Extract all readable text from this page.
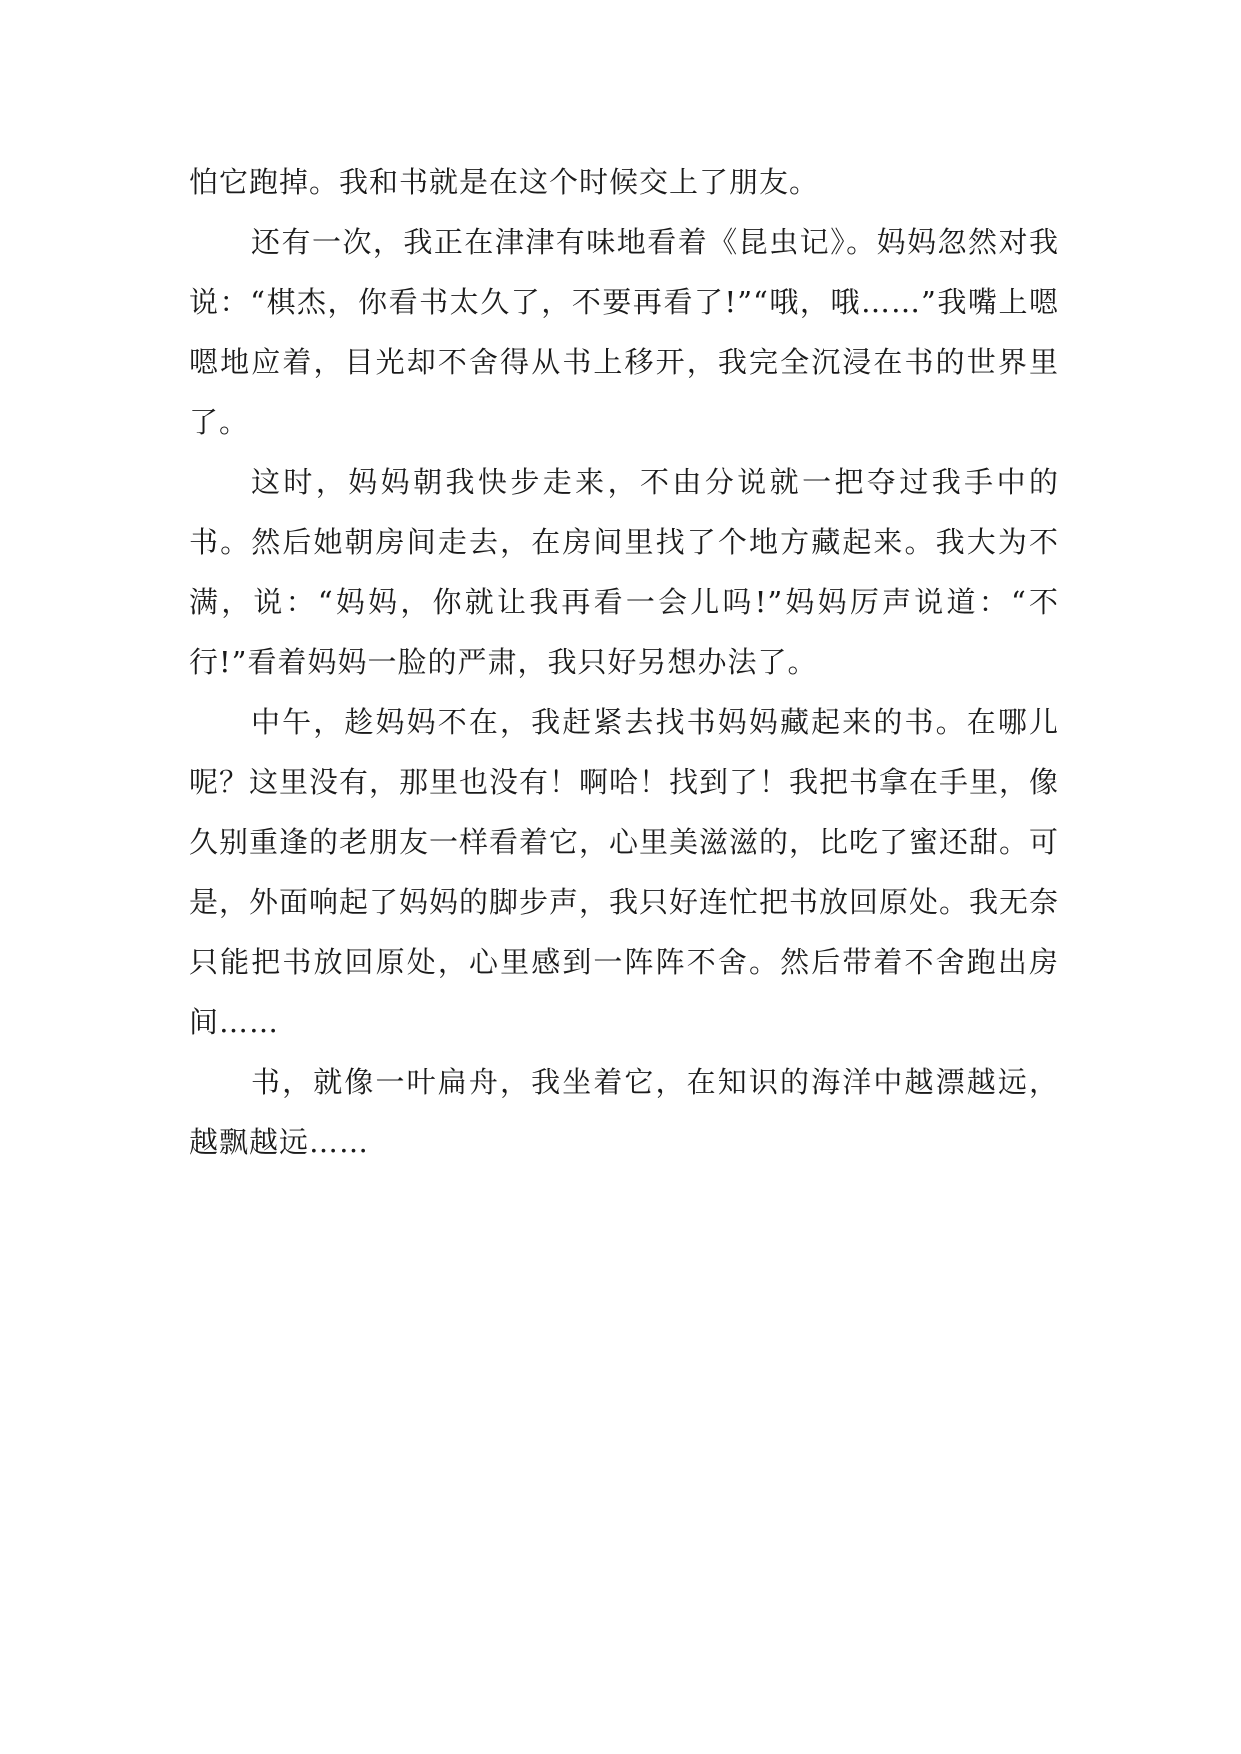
怕它跑掉。我和书就是在这个时候交上了朋友。

还有一次，我正在津津有味地看着《昆虫记》。妈妈忽然对我说：“棋杰，你看书太久了，不要再看了!”“哦，哦……”我嘴上嗯嗯地应着，目光却不舍得从书上移开，我完全沉浸在书的世界里了。

这时，妈妈朝我快步走来，不由分说就一把夺过我手中的书。然后她朝房间走去，在房间里找了个地方藏起来。我大为不满，说：“妈妈，你就让我再看一会儿吗!”妈妈厉声说道：“不行!”看着妈妈一脸的严肃，我只好另想办法了。

中午，趁妈妈不在，我赶紧去找书妈妈藏起来的书。在哪儿呢？这里没有，那里也没有！啊哈！找到了！我把书拿在手里，像久别重逢的老朋友一样看着它，心里美滋滋的，比吃了蜜还甜。可是，外面响起了妈妈的脚步声，我只好连忙把书放回原处。我无奈只能把书放回原处，心里感到一阵阵不舍。然后带着不舍跑出房间……

书，就像一叶扁舟，我坐着它，在知识的海洋中越漂越远，越飘越远……
